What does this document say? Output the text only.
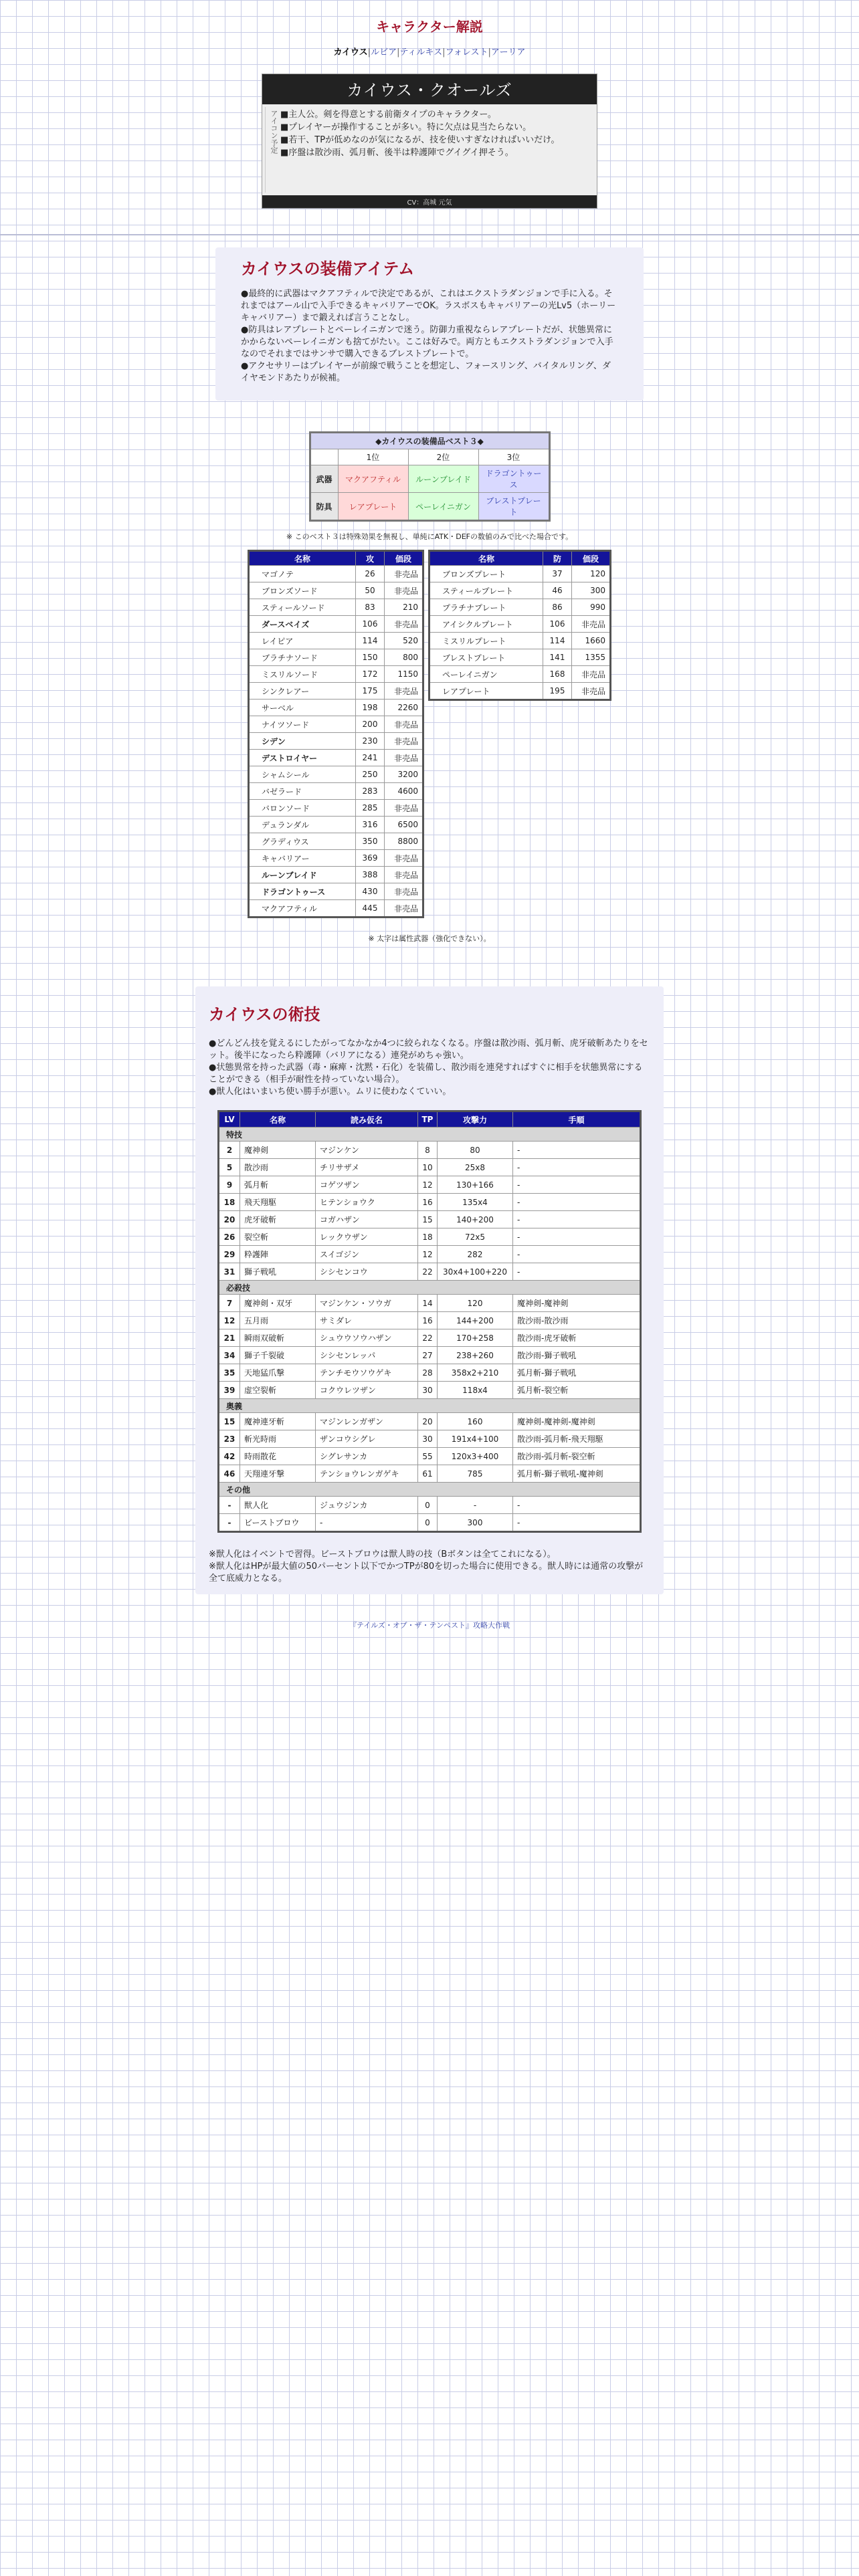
キャラクター解説
カイウス|ルビア|ティルキス|フォレスト|アーリア
カイウス・クオールズ
アイコン予定 ■主人公。剣を得意とする前衛タイプのキャラクター。
■プレイヤーが操作することが多い。特に欠点は見当たらない。
■若干、TPが低めなのが気になるが、技を使いすぎなければいいだけ。
■序盤は散沙雨、弧月斬、後半は粋護陣でグイグイ押そう。
CV：高城 元気
カイウスの装備アイテム

●最終的に武器はマクアフティルで決定であるが、これはエクストラダンジョンで手に入る。それまではアール山で入手できるキャバリアーでOK。ラスボスもキャバリアーの光Lv5（ホーリーキャバリアー）まで鍛えれば言うことなし。

●防具はレアプレートとペーレイニガンで迷う。防御力重視ならレアプレートだが、状態異常にかからないペーレイニガンも捨てがたい。ここは好みで。両方ともエクストラダンジョンで入手なのでそれまではサンサで購入できるブレストプレートで。

●アクセサリーはプレイヤーが前線で戦うことを想定し、フォースリング、バイタルリング、ダイヤモンドあたりが候補。

◆カイウスの装備品ベスト３◆			
	1位	2位	3位
武器	マクアフティル	ルーンブレイド	ドラゴントゥース
防具	レアプレート	ペーレイニガン	ブレストプレート
※ このベスト３は特殊効果を無視し、単純にATK・DEFの数値のみで比べた場合です。
名称	攻	価段
マゴノテ	26	非売品
ブロンズソード	50	非売品
スティールソード	83	210
ダースベイズ	106	非売品
レイピア	114	520
ブラチナソード	150	800
ミスリルソード	172	1150
シンクレアー	175	非売品
サーベル	198	2260
ナイツソード	200	非売品
シデン	230	非売品
デストロイヤー	241	非売品
シャムシール	250	3200
バゼラード	283	4600
バロンソード	285	非売品
デュランダル	316	6500
グラディウス	350	8800
キャバリアー	369	非売品
ルーンブレイド	388	非売品
ドラゴントゥース	430	非売品
マクアフティル	445	非売品
名称	防	価段
ブロンズプレート	37	120
スティールプレート	46	300
プラチナプレート	86	990
アイシクルプレート	106	非売品
ミスリルプレート	114	1660
ブレストプレート	141	1355
ペーレイニガン	168	非売品
レアプレート	195	非売品
※ 太字は属性武器（強化できない）。
カイウスの術技

●どんどん技を覚えるにしたがってなかなか4つに絞られなくなる。序盤は散沙雨、弧月斬、虎牙破斬あたりをセット。後半になったら粋護陣（バリアになる）連発がめちゃ強い。

●状態異常を持った武器（毒・麻痺・沈黙・石化）を装備し、散沙雨を連発すればすぐに相手を状態異常にすることができる（相手が耐性を持っていない場合）。

●獣人化はいまいち使い勝手が悪い。ムリに使わなくていい。

LV	名称	読み仮名	TP	攻撃力	手順
特技					
2	魔神剣	マジンケン	8	80	-
5	散沙雨	チリサザメ	10	25x8	-
9	弧月斬	コゲツザン	12	130+166	-
18	飛天翔駆	ヒテンショウク	16	135x4	-
20	虎牙破斬	コガハザン	15	140+200	-
26	裂空斬	レックウザン	18	72x5	-
29	粋護陣	スイゴジン	12	282	-
31	獅子戦吼	シシセンコウ	22	30x4+100+220	-
必殺技					
7	魔神剣・双牙	マジンケン・ソウガ	14	120	魔神剣-魔神剣
12	五月雨	サミダレ	16	144+200	散沙雨-散沙雨
21	瞬雨双破斬	シュウウソウハザン	22	170+258	散沙雨-虎牙破斬
34	獅子千裂破	シシセンレッパ	27	238+260	散沙雨-獅子戦吼
35	天地猛爪撃	テンチモウソウゲキ	28	358x2+210	弧月斬-獅子戦吼
39	虚空裂斬	コクウレツザン	30	118x4	弧月斬-裂空斬
奥義					
15	魔神連牙斬	マジンレンガザン	20	160	魔神剣-魔神剣-魔神剣
23	斬光時雨	ザンコウシグレ	30	191x4+100	散沙雨-弧月斬-飛天翔駆
42	時雨散花	シグレサンカ	55	120x3+400	散沙雨-弧月斬-裂空斬
46	天翔連牙撃	テンショウレンガゲキ	61	785	弧月斬-獅子戦吼-魔神剣
その他					
-	獣人化	ジュウジンカ	0	-	-
-	ビーストブロウ	-	0	300	-

※獣人化はイベントで習得。ビーストブロウは獣人時の技（Bボタンは全てこれになる）。

※獣人化はHPが最大値の50パーセント以下でかつTPが80を切った場合に使用できる。獣人時には通常の攻撃が全て底威力となる。

『テイルズ・オブ・ザ・テンペスト』攻略大作戦
